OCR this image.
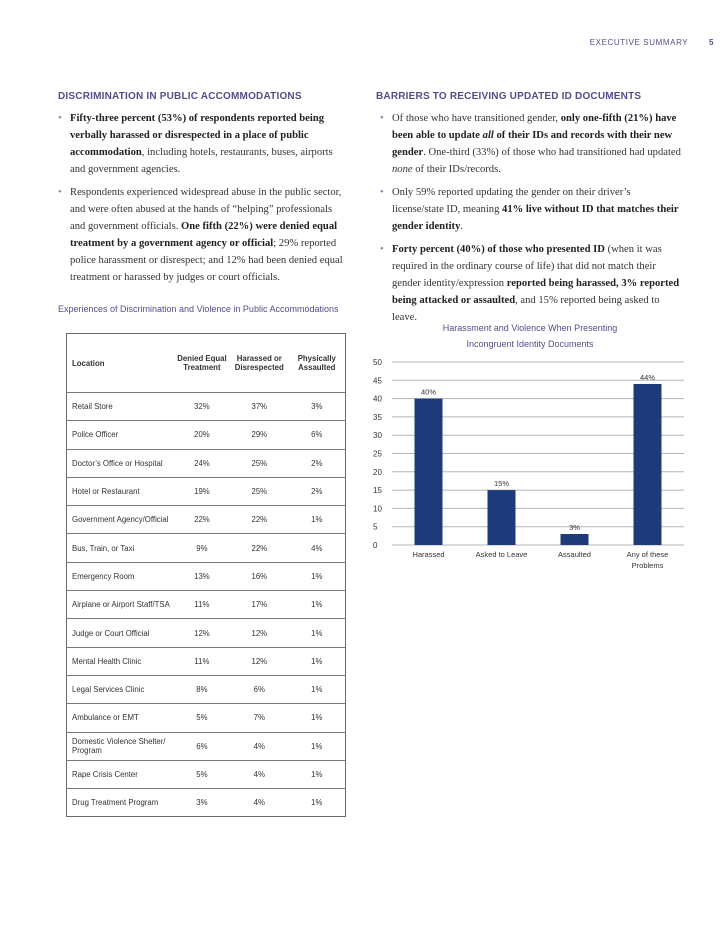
EXECUTIVE SUMMARY	5
DISCRIMINATION IN PUBLIC ACCOMMODATIONS
• Fifty-three percent (53%) of respondents reported being verbally harassed or disrespected in a place of public accommodation, including hotels, restaurants, buses, airports and government agencies.
• Respondents experienced widespread abuse in the public sector, and were often abused at the hands of “helping” professionals and government officials. One fifth (22%) were denied equal treatment by a government agency or official; 29% reported police harassment or disrespect; and 12% had been denied equal treatment or harassed by judges or court officials.
BARRIERS TO RECEIVING UPDATED ID DOCUMENTS
• Of those who have transitioned gender, only one-fifth (21%) have been able to update all of their IDs and records with their new gender. One-third (33%) of those who had transitioned had updated none of their IDs/records.
• Only 59% reported updating the gender on their driver’s license/state ID, meaning 41% live without ID that matches their gender identity.
• Forty percent (40%) of those who presented ID (when it was required in the ordinary course of life) that did not match their gender identity/expression reported being harassed, 3% reported being attacked or assaulted, and 15% reported being asked to leave.
Experiences of Discrimination and Violence in Public Accommodations
Location	Denied Equal Treatment	Harassed or Disrespected	Physically Assaulted
Retail Store	32%	37%	3%
Police Officer	20%	29%	6%
Doctor’s Office or Hospital	24%	25%	2%
Hotel or Restaurant	19%	25%	2%
Government Agency/Official	22%	22%	1%
Bus, Train, or Taxi	9%	22%	4%
Emergency Room	13%	16%	1%
Airplane or Airport Staff/TSA	11%	17%	1%
Judge or Court Official	12%	12%	1%
Mental Health Clinic	11%	12%	1%
Legal Services Clinic	8%	6%	1%
Ambulance or EMT	5%	7%	1%
Domestic Violence Shelter/ Program	6%	4%	1%
Rape Crisis Center	5%	4%	1%
Drug Treatment Program	3%	4%	1%
Harassment and Violence When Presenting
Incongruent Identity Documents
0
5
10
15
20
25
30
35
40
45
50
40%
Harassed
15%
Asked to Leave
3%
Assaulted
44%
Any of these
Problems
